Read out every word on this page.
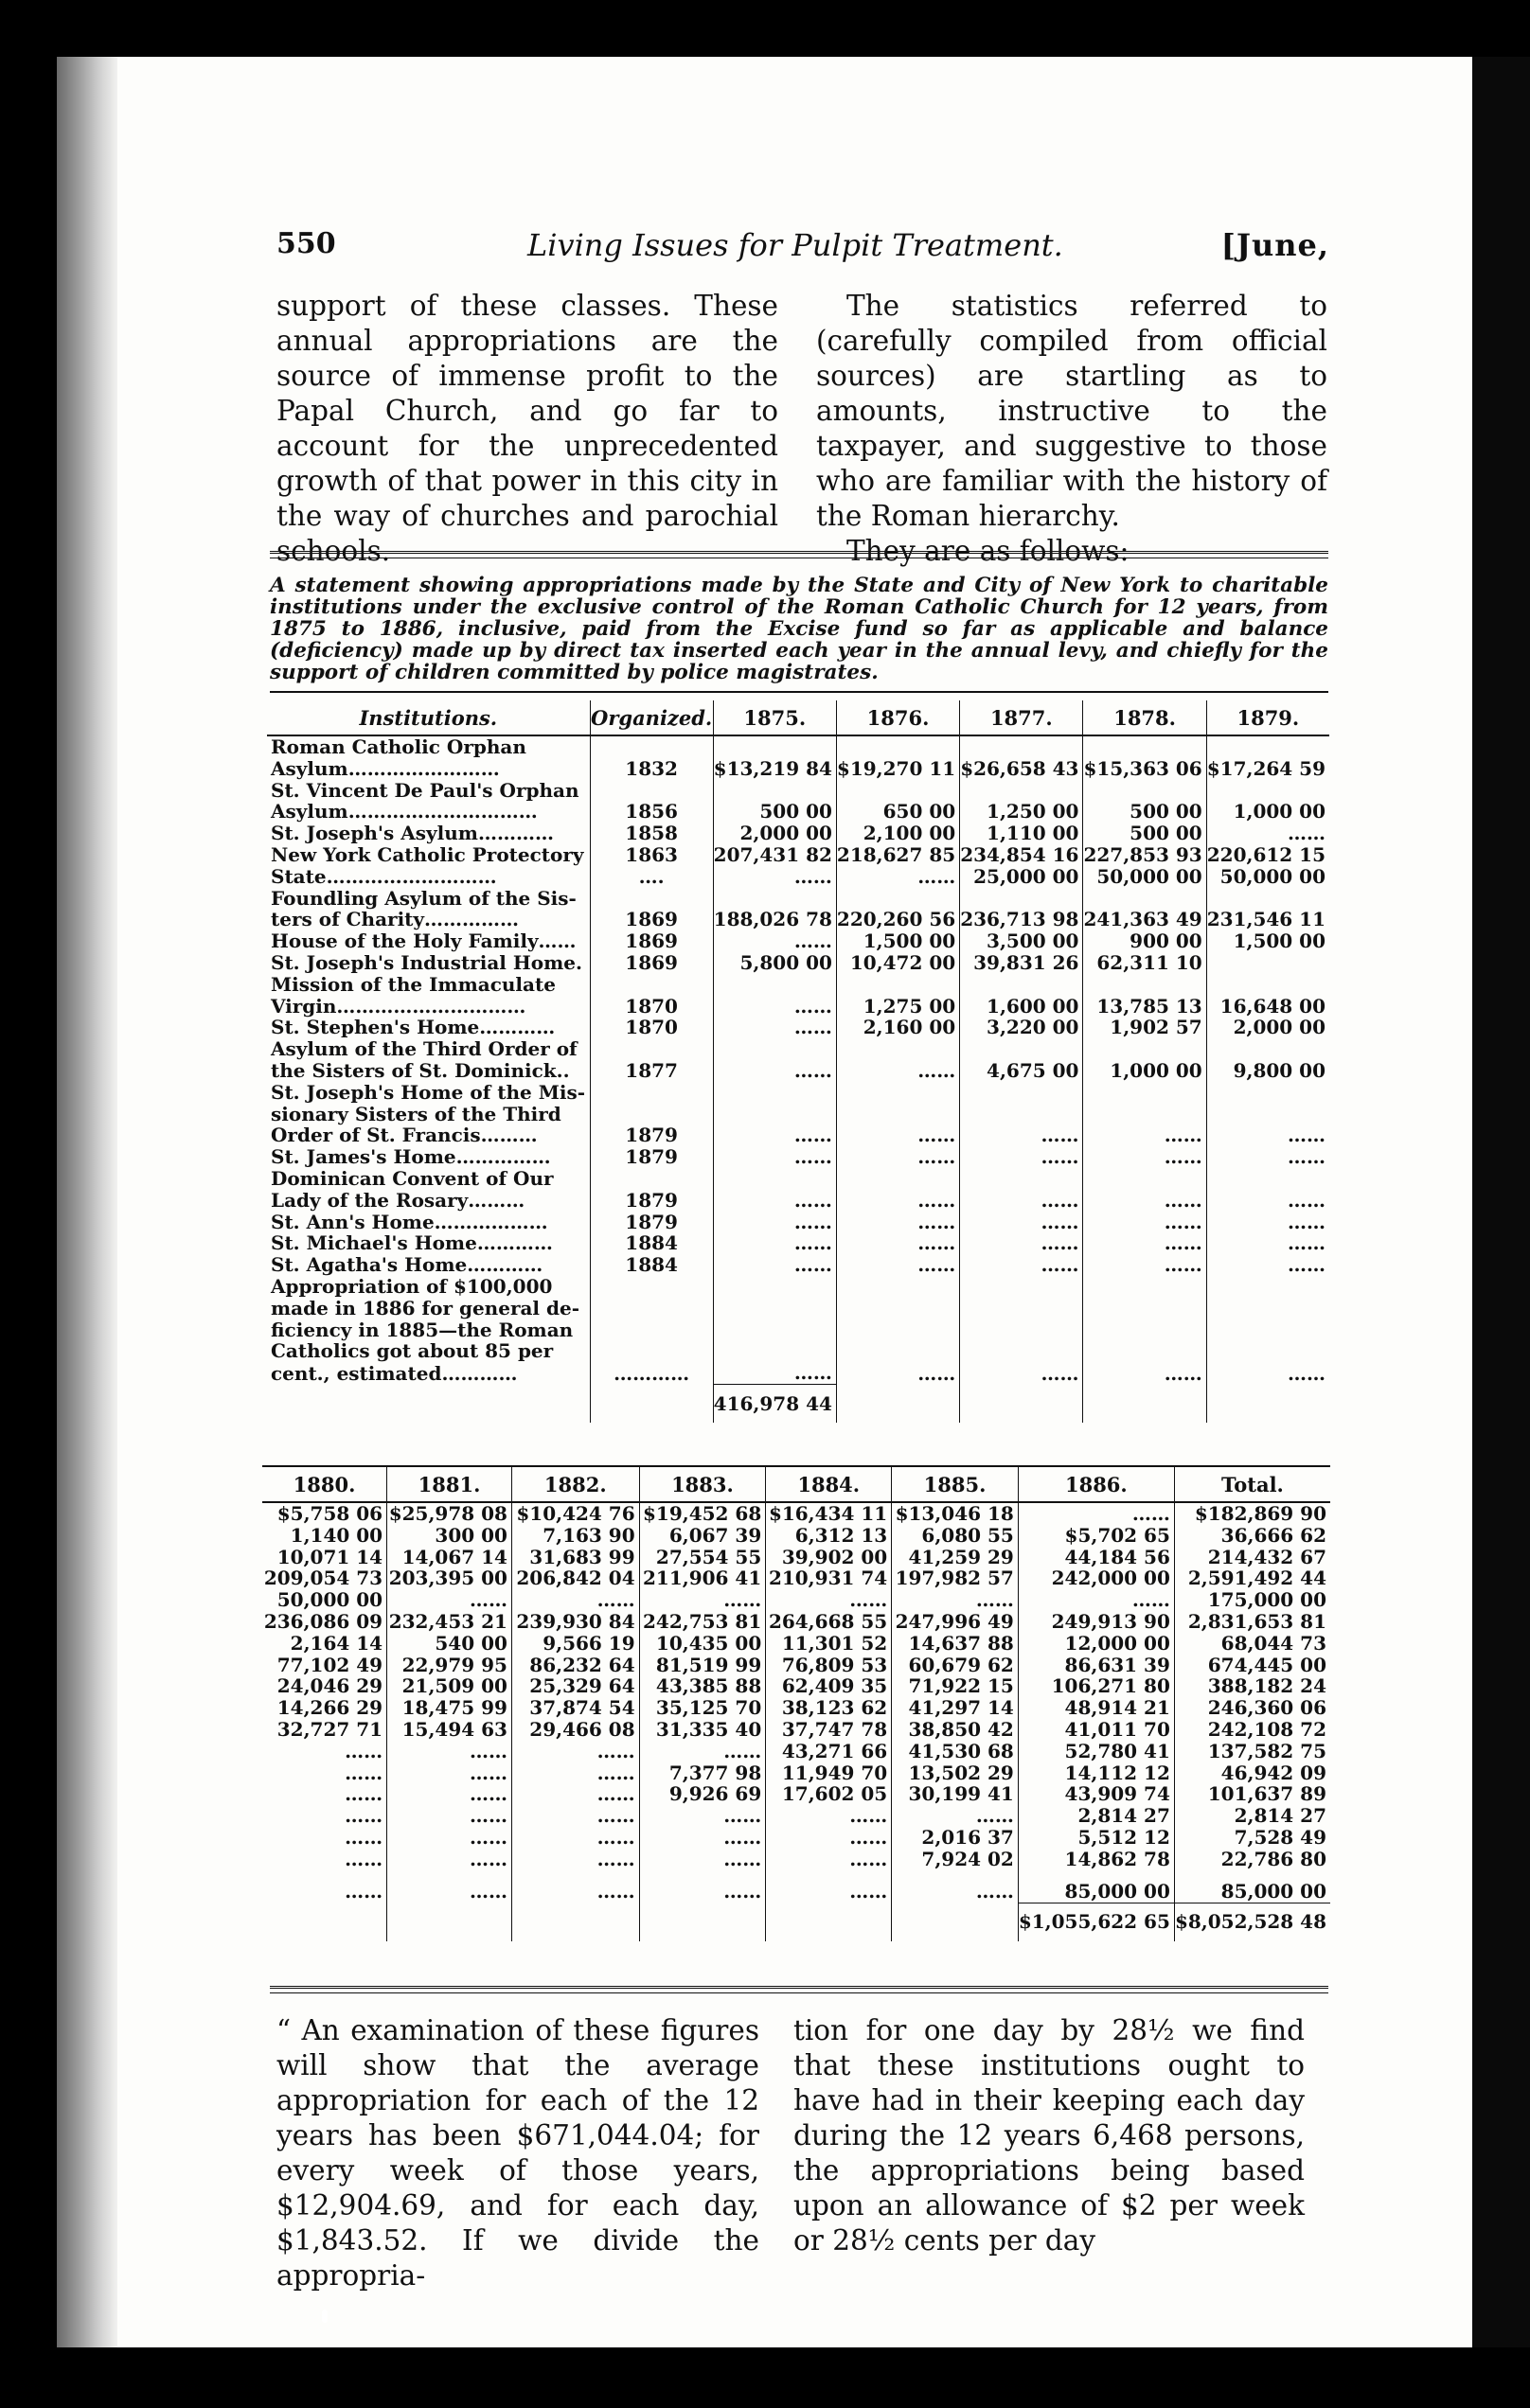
550	Living Issues for Pulpit Treatment.	[June,

support of these classes. These annual appropriations are the source of immense profit to the Papal Church, and go far to account for the unprecedented growth of that power in this city in the way of churches and parochial schools.

The statistics referred to (carefully compiled from official sources) are startling as to amounts, instructive to the taxpayer, and suggestive to those who are familiar with the history of the Roman hierarchy.

They are as follows:

A statement showing appropriations made by the State and City of New York to charitable institutions under the exclusive control of the Roman Catholic Church for 12 years, from 1875 to 1886, inclusive, paid from the Excise fund so far as applicable and balance (deficiency) made up by direct tax inserted each year in the annual levy, and chiefly for the support of children committed by police magistrates.
Institutions.	Organized.	1875.	1876.	1877.	1878.	1879.
Roman Catholic Orphan						
Asylum……………………	1832	$13,219 84	$19,270 11	$26,658 43	$15,363 06	$17,264 59
St. Vincent De Paul's Orphan						
Asylum…………………………	1856	500 00	650 00	1,250 00	500 00	1,000 00
St. Joseph's Asylum…………	1858	2,000 00	2,100 00	1,110 00	500 00	……
New York Catholic Protectory	1863	207,431 82	218,627 85	234,854 16	227,853 93	220,612 15
State………………………	….	……	……	25,000 00	50,000 00	50,000 00
Foundling Asylum of the Sis-						
ters of Charity……………	1869	188,026 78	220,260 56	236,713 98	241,363 49	231,546 11
House of the Holy Family……	1869	……	1,500 00	3,500 00	900 00	1,500 00
St. Joseph's Industrial Home.	1869	5,800 00	10,472 00	39,831 26	62,311 10	
Mission of the Immaculate						
Virgin…………………………	1870	……	1,275 00	1,600 00	13,785 13	16,648 00
St. Stephen's Home…………	1870	……	2,160 00	3,220 00	1,902 57	2,000 00
Asylum of the Third Order of						
the Sisters of St. Dominick..	1877	……	……	4,675 00	1,000 00	9,800 00
St. Joseph's Home of the Mis-						
sionary Sisters of the Third						
Order of St. Francis………	1879	……	……	……	……	……
St. James's Home……………	1879	……	……	……	……	……
Dominican Convent of Our						
Lady of the Rosary………	1879	……	……	……	……	……
St. Ann's Home………………	1879	……	……	……	……	……
St. Michael's Home…………	1884	……	……	……	……	……
St. Agatha's Home…………	1884	……	……	……	……	……
Appropriation of $100,000						
made in 1886 for general de-						
ficiency in 1885—the Roman						
Catholics got about 85 per						
cent., estimated…………	…………	……	……	……	……	……
		416,978 44				
1880.	1881.	1882.	1883.	1884.	1885.	1886.	Total.
$5,758 06	$25,978 08	$10,424 76	$19,452 68	$16,434 11	$13,046 18	……	$182,869 90
1,140 00	300 00	7,163 90	6,067 39	6,312 13	6,080 55	$5,702 65	36,666 62
10,071 14	14,067 14	31,683 99	27,554 55	39,902 00	41,259 29	44,184 56	214,432 67
209,054 73	203,395 00	206,842 04	211,906 41	210,931 74	197,982 57	242,000 00	2,591,492 44
50,000 00	……	……	……	……	……	……	175,000 00
236,086 09	232,453 21	239,930 84	242,753 81	264,668 55	247,996 49	249,913 90	2,831,653 81
2,164 14	540 00	9,566 19	10,435 00	11,301 52	14,637 88	12,000 00	68,044 73
77,102 49	22,979 95	86,232 64	81,519 99	76,809 53	60,679 62	86,631 39	674,445 00
24,046 29	21,509 00	25,329 64	43,385 88	62,409 35	71,922 15	106,271 80	388,182 24
14,266 29	18,475 99	37,874 54	35,125 70	38,123 62	41,297 14	48,914 21	246,360 06
32,727 71	15,494 63	29,466 08	31,335 40	37,747 78	38,850 42	41,011 70	242,108 72
……	……	……	……	43,271 66	41,530 68	52,780 41	137,582 75
……	……	……	7,377 98	11,949 70	13,502 29	14,112 12	46,942 09
……	……	……	9,926 69	17,602 05	30,199 41	43,909 74	101,637 89
……	……	……	……	……	……	2,814 27	2,814 27
……	……	……	……	……	2,016 37	5,512 12	7,528 49
……	……	……	……	……	7,924 02	14,862 78	22,786 80
……	……	……	……	……	……	85,000 00	85,000 00
						$1,055,622 65	$8,052,528 48

“ An examination of these figures will show that the average appropriation for each of the 12 years has been $671,044.04; for every week of those years, $12,904.69, and for each day, $1,843.52. If we divide the appropria-

tion for one day by 28½ we find that these institutions ought to have had in their keeping each day during the 12 years 6,468 persons, the appropriations being based upon an allowance of $2 per week or 28½ cents per day
